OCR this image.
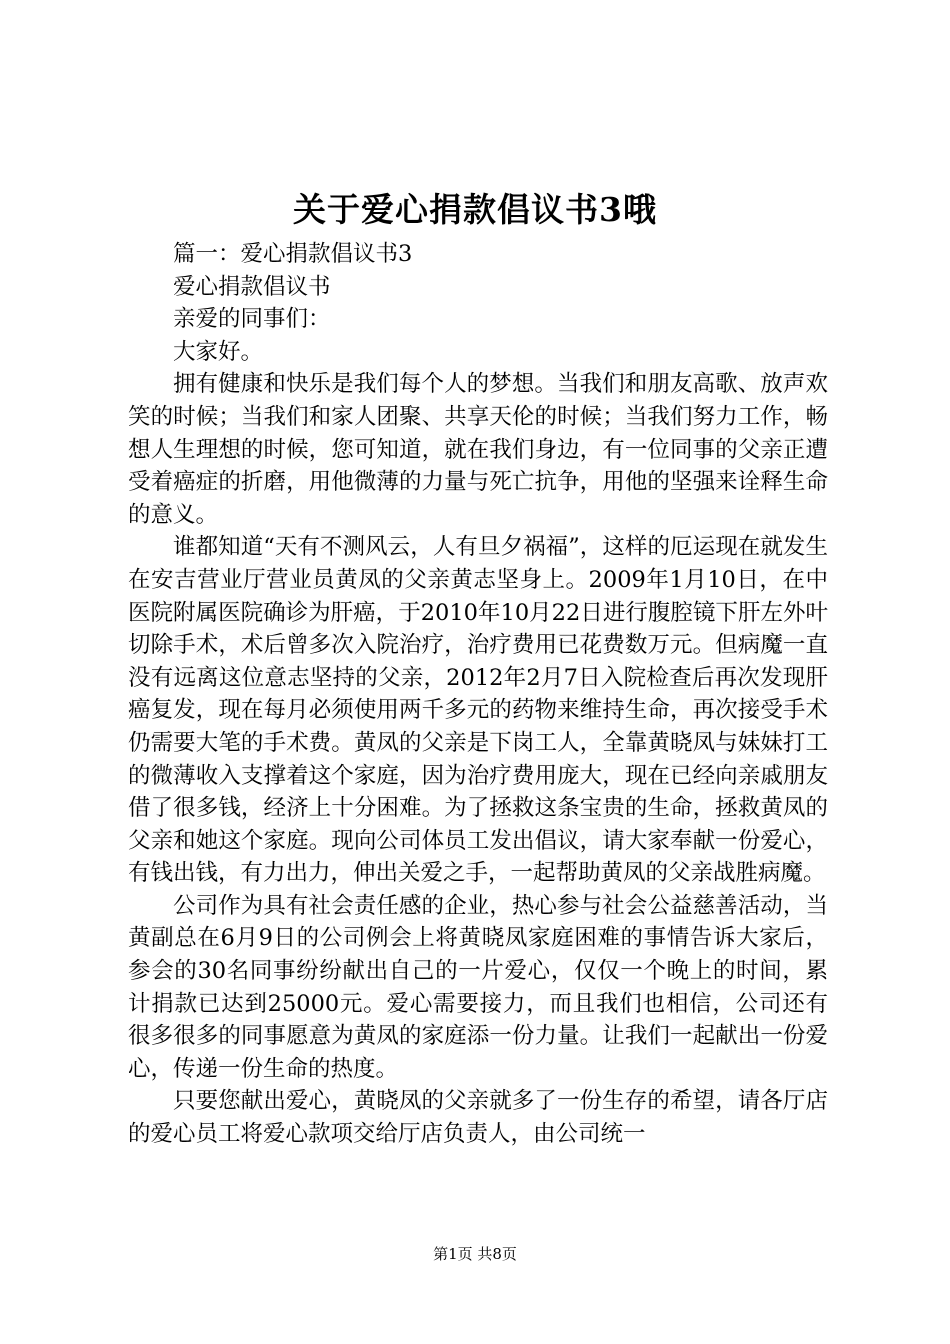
关于爱心捐款倡议书3哦

篇一：爱心捐款倡议书3

爱心捐款倡议书

亲爱的同事们：

大家好。

拥有健康和快乐是我们每个人的梦想。当我们和朋友高歌、放声欢笑的时候；当我们和家人团聚、共享天伦的时候；当我们努力工作，畅想人生理想的时候，您可知道，就在我们身边，有一位同事的父亲正遭受着癌症的折磨，用他微薄的力量与死亡抗争，用他的坚强来诠释生命的意义。

谁都知道“天有不测风云，人有旦夕祸福”，这样的厄运现在就发生在安吉营业厅营业员黄凤的父亲黄志坚身上。2009年1月10日，在中医院附属医院确诊为肝癌，于2010年10月22日进行腹腔镜下肝左外叶切除手术，术后曾多次入院治疗，治疗费用已花费数万元。但病魔一直没有远离这位意志坚持的父亲，2012年2月7日入院检查后再次发现肝癌复发，现在每月必须使用两千多元的药物来维持生命，再次接受手术仍需要大笔的手术费。黄凤的父亲是下岗工人，全靠黄晓凤与妹妹打工的微薄收入支撑着这个家庭，因为治疗费用庞大，现在已经向亲戚朋友借了很多钱，经济上十分困难。为了拯救这条宝贵的生命，拯救黄凤的父亲和她这个家庭。现向公司体员工发出倡议，请大家奉献一份爱心，有钱出钱，有力出力，伸出关爱之手，一起帮助黄凤的父亲战胜病魔。

公司作为具有社会责任感的企业，热心参与社会公益慈善活动，当黄副总在6月9日的公司例会上将黄晓凤家庭困难的事情告诉大家后，参会的30名同事纷纷献出自己的一片爱心，仅仅一个晚上的时间，累计捐款已达到25000元。爱心需要接力，而且我们也相信，公司还有很多很多的同事愿意为黄凤的家庭添一份力量。让我们一起献出一份爱心，传递一份生命的热度。

只要您献出爱心，黄晓凤的父亲就多了一份生存的希望，请各厅店的爱心员工将爱心款项交给厅店负责人，由公司统一

第1页 共8页
